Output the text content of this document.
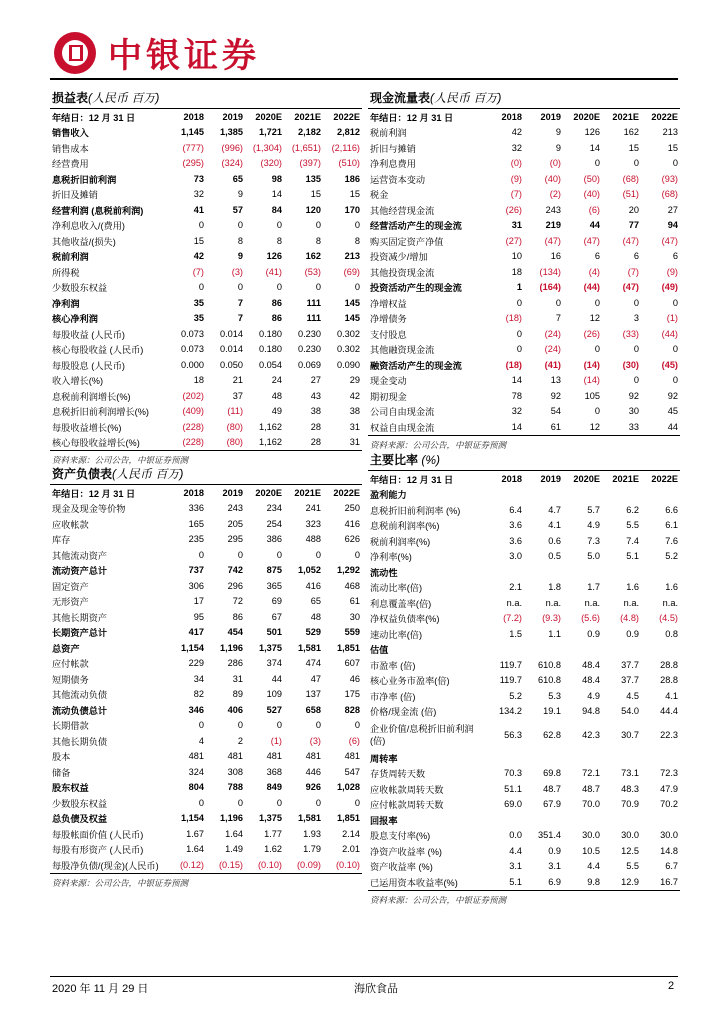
中银证券
损益表(人民币 百万)
年结日：12 月 31 日	2018	2019	2020E	2021E	2022E
销售收入	1,145	1,385	1,721	2,182	2,812
销售成本	(777)	(996)	(1,304)	(1,651)	(2,116)
经营费用	(295)	(324)	(320)	(397)	(510)
息税折旧前利润	73	65	98	135	186
折旧及摊销	32	9	14	15	15
经营利润 (息税前利润)	41	57	84	120	170
净利息收入/(费用)	0	0	0	0	0
其他收益/(损失)	15	8	8	8	8
税前利润	42	9	126	162	213
所得税	(7)	(3)	(41)	(53)	(69)
少数股东权益	0	0	0	0	0
净利润	35	7	86	111	145
核心净利润	35	7	86	111	145
每股收益 (人民币)	0.073	0.014	0.180	0.230	0.302
核心每股收益 (人民币)	0.073	0.014	0.180	0.230	0.302
每股股息 (人民币)	0.000	0.050	0.054	0.069	0.090
收入增长(%)	18	21	24	27	29
息税前利润增长(%)	(202)	37	48	43	42
息税折旧前利润增长(%)	(409)	(11)	49	38	38
每股收益增长(%)	(228)	(80)	1,162	28	31
核心每股收益增长(%)	(228)	(80)	1,162	28	31
资料来源：公司公告，中银证券预测
现金流量表(人民币 百万)
年结日：12 月 31 日	2018	2019	2020E	2021E	2022E
税前利润	42	9	126	162	213
折旧与摊销	32	9	14	15	15
净利息费用	(0)	(0)	0	0	0
运营资本变动	(9)	(40)	(50)	(68)	(93)
税金	(7)	(2)	(40)	(51)	(68)
其他经营现金流	(26)	243	(6)	20	27
经营活动产生的现金流	31	219	44	77	94
购买固定资产净值	(27)	(47)	(47)	(47)	(47)
投资减少/增加	10	16	6	6	6
其他投资现金流	18	(134)	(4)	(7)	(9)
投资活动产生的现金流	1	(164)	(44)	(47)	(49)
净增权益	0	0	0	0	0
净增债务	(18)	7	12	3	(1)
支付股息	0	(24)	(26)	(33)	(44)
其他融资现金流	0	(24)	0	0	0
融资活动产生的现金流	(18)	(41)	(14)	(30)	(45)
现金变动	14	13	(14)	0	0
期初现金	78	92	105	92	92
公司自由现金流	32	54	0	30	45
权益自由现金流	14	61	12	33	44
资料来源：公司公告，中银证券预测
资产负债表(人民币 百万)
年结日：12 月 31 日	2018	2019	2020E	2021E	2022E
现金及现金等价物	336	243	234	241	250
应收帐款	165	205	254	323	416
库存	235	295	386	488	626
其他流动资产	0	0	0	0	0
流动资产总计	737	742	875	1,052	1,292
固定资产	306	296	365	416	468
无形资产	17	72	69	65	61
其他长期资产	95	86	67	48	30
长期资产总计	417	454	501	529	559
总资产	1,154	1,196	1,375	1,581	1,851
应付帐款	229	286	374	474	607
短期债务	34	31	44	47	46
其他流动负债	82	89	109	137	175
流动负债总计	346	406	527	658	828
长期借款	0	0	0	0	0
其他长期负债	4	2	(1)	(3)	(6)
股本	481	481	481	481	481
储备	324	308	368	446	547
股东权益	804	788	849	926	1,028
少数股东权益	0	0	0	0	0
总负债及权益	1,154	1,196	1,375	1,581	1,851
每股帐面价值 (人民币)	1.67	1.64	1.77	1.93	2.14
每股有形资产 (人民币)	1.64	1.49	1.62	1.79	2.01
每股净负债/(现金)(人民币)	(0.12)	(0.15)	(0.10)	(0.09)	(0.10)
资料来源：公司公告，中银证券预测
主要比率 (%)
年结日：12 月 31 日	2018	2019	2020E	2021E	2022E
盈利能力					
息税折旧前利润率 (%)	6.4	4.7	5.7	6.2	6.6
息税前利润率(%)	3.6	4.1	4.9	5.5	6.1
税前利润率(%)	3.6	0.6	7.3	7.4	7.6
净利率(%)	3.0	0.5	5.0	5.1	5.2
流动性					
流动比率(倍)	2.1	1.8	1.7	1.6	1.6
利息覆盖率(倍)	n.a.	n.a.	n.a.	n.a.	n.a.
净权益负债率(%)	(7.2)	(9.3)	(5.6)	(4.8)	(4.5)
速动比率(倍)	1.5	1.1	0.9	0.9	0.8
估值					
市盈率 (倍)	119.7	610.8	48.4	37.7	28.8
核心业务市盈率(倍)	119.7	610.8	48.4	37.7	28.8
市净率 (倍)	5.2	5.3	4.9	4.5	4.1
价格/现金流 (倍)	134.2	19.1	94.8	54.0	44.4
企业价值/息税折旧前利润(倍)	56.3	62.8	42.3	30.7	22.3
周转率					
存货周转天数	70.3	69.8	72.1	73.1	72.3
应收帐款周转天数	51.1	48.7	48.7	48.3	47.9
应付帐款周转天数	69.0	67.9	70.0	70.9	70.2
回报率					
股息支付率(%)	0.0	351.4	30.0	30.0	30.0
净资产收益率 (%)	4.4	0.9	10.5	12.5	14.8
资产收益率 (%)	3.1	3.1	4.4	5.5	6.7
已运用资本收益率(%)	5.1	6.9	9.8	12.9	16.7
资料来源：公司公告，中银证券预测
2020 年 11 月 29 日	海欣食品	2
